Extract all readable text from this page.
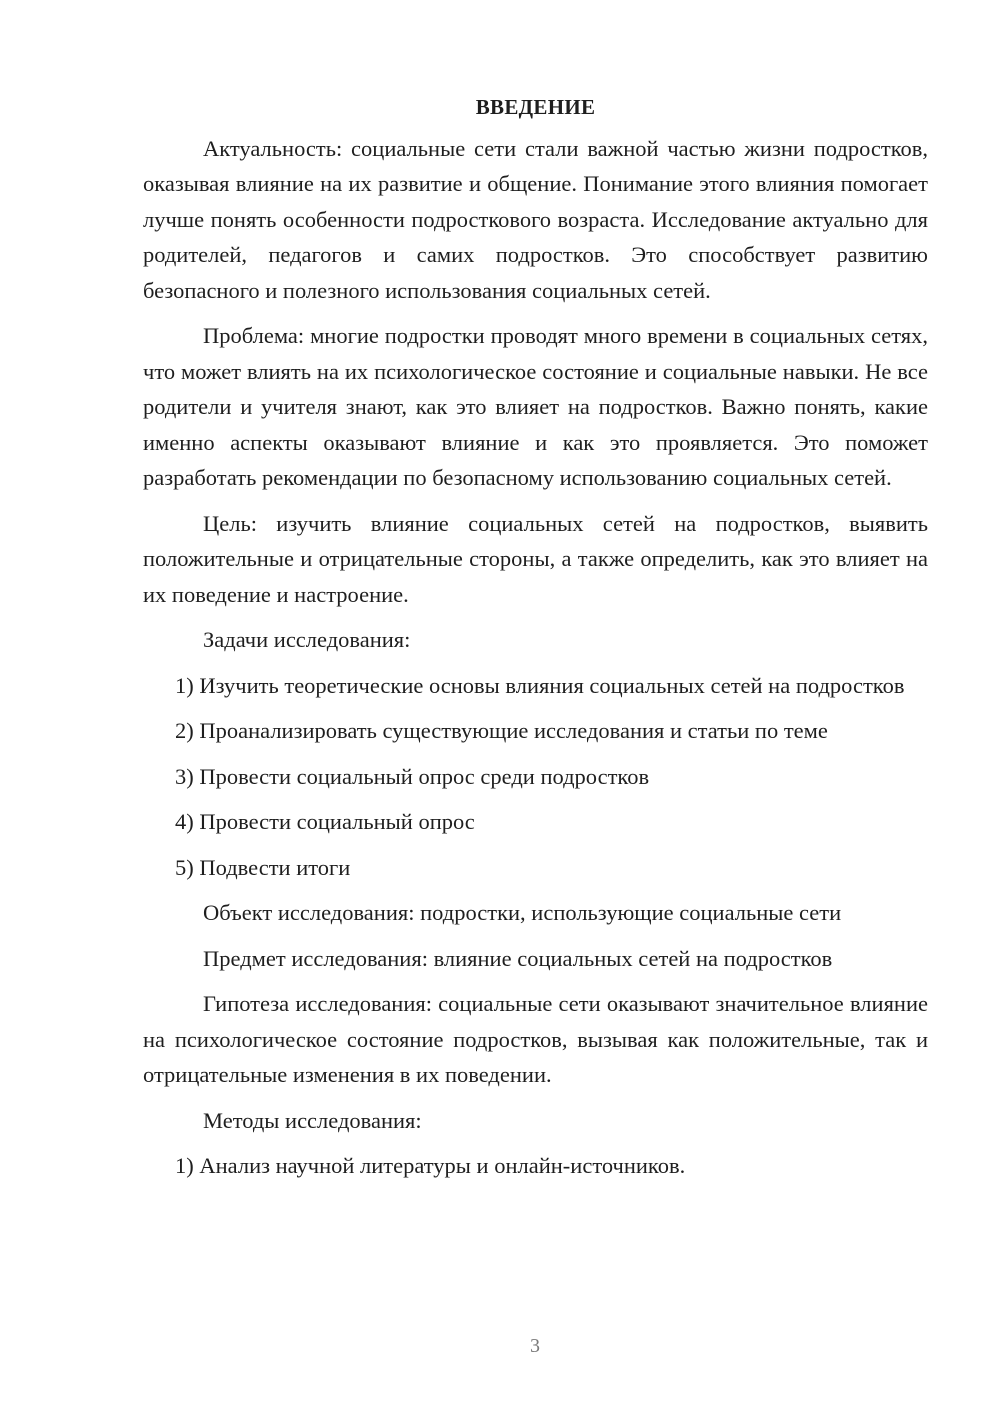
ВВЕДЕНИЕ
Актуальность: социальные сети стали важной частью жизни подростков, оказывая влияние на их развитие и общение. Понимание этого влияния помогает лучше понять особенности подросткового возраста. Исследование актуально для родителей, педагогов и самих подростков. Это способствует развитию безопасного и полезного использования социальных сетей.
Проблема: многие подростки проводят много времени в социальных сетях, что может влиять на их психологическое состояние и социальные навыки. Не все родители и учителя знают, как это влияет на подростков. Важно понять, какие именно аспекты оказывают влияние и как это проявляется. Это поможет разработать рекомендации по безопасному использованию социальных сетей.
Цель: изучить влияние социальных сетей на подростков, выявить положительные и отрицательные стороны, а также определить, как это влияет на их поведение и настроение.
Задачи исследования:
1) Изучить теоретические основы влияния социальных сетей на подростков
2) Проанализировать существующие исследования и статьи по теме
3) Провести социальный опрос среди подростков
4) Провести социальный опрос
5) Подвести итоги
Объект исследования: подростки, использующие социальные сети
Предмет исследования: влияние социальных сетей на подростков
Гипотеза исследования: социальные сети оказывают значительное влияние на психологическое состояние подростков, вызывая как положительные, так и отрицательные изменения в их поведении.
Методы исследования:
1) Анализ научной литературы и онлайн-источников.
3
